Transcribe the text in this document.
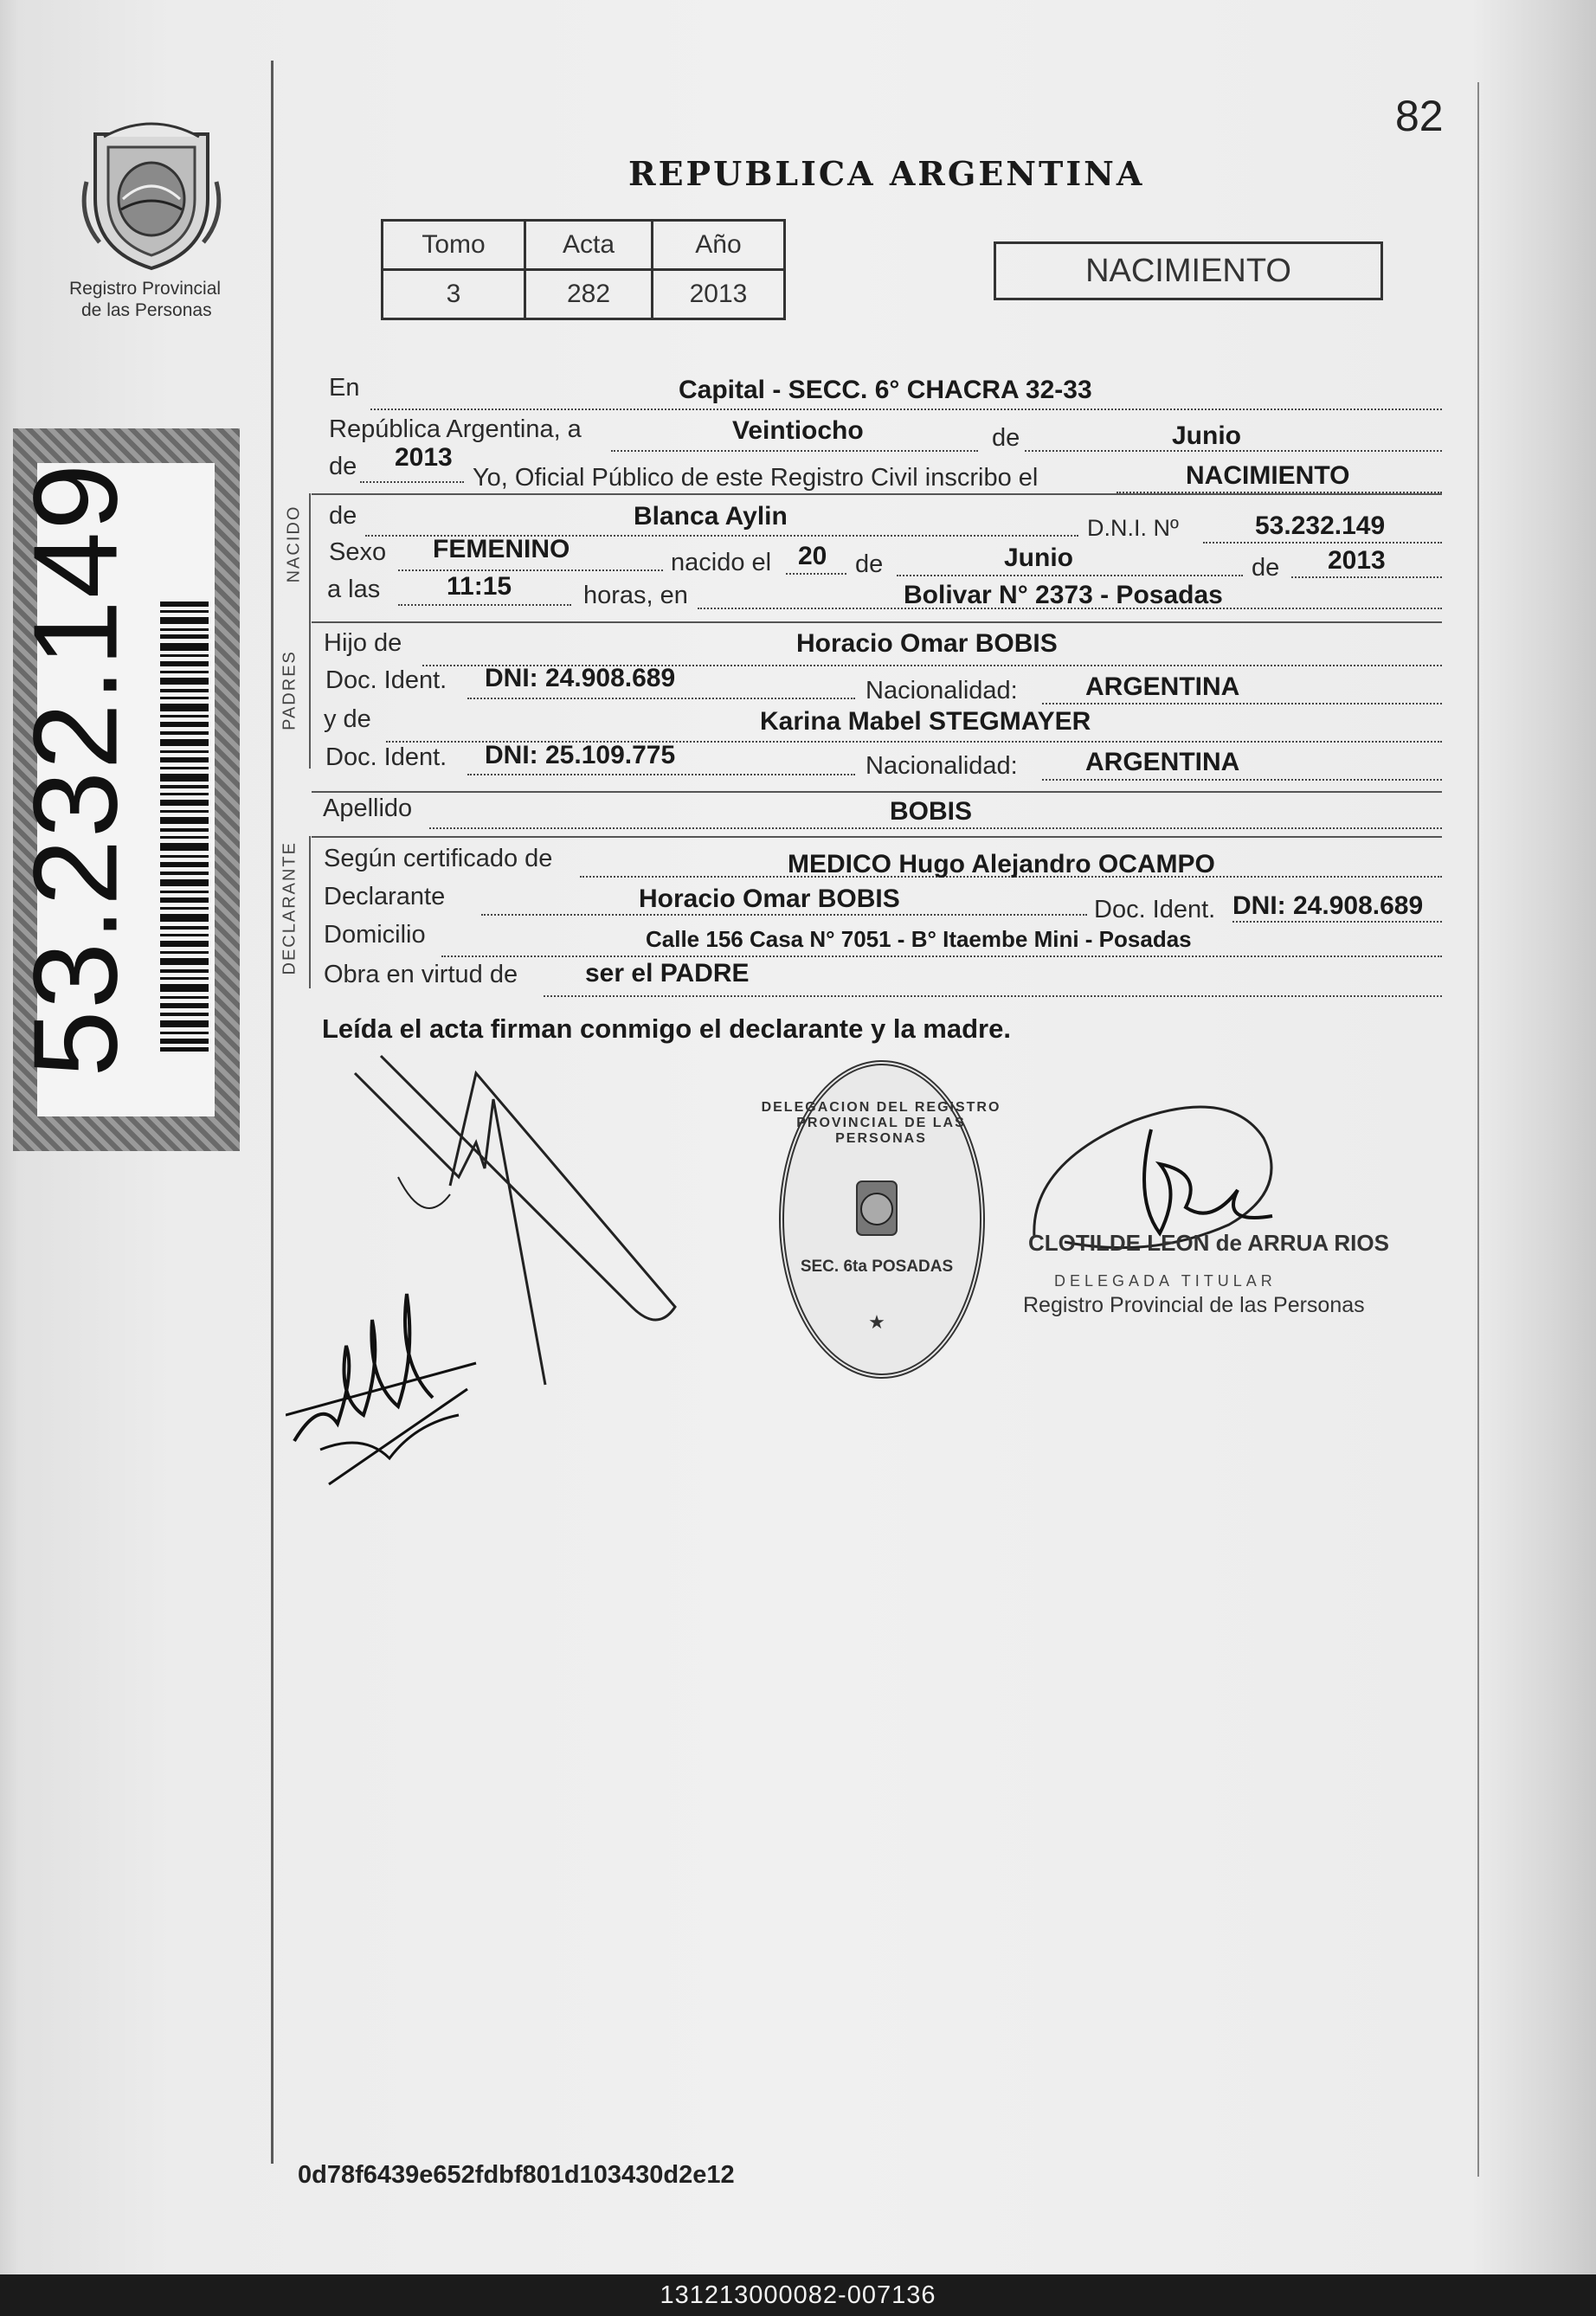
82
Registro Provincial
de las Personas
53.232.149
REPUBLICA ARGENTINA
Tomo	Acta	Año
3	282	2013
NACIMIENTO
En	Capital - SECC. 6° CHACRA 32-33
República Argentina, a	Veintiocho	de	Junio
de 2013
Yo, Oficial Público de este Registro Civil inscribo el	NACIMIENTO
NACIDO de	Blanca Aylin	D.N.I. Nº	53.232.149
Sexo FEMENINO	nacido el 20 de	Junio	de 2013
a las	11:15	horas, en	Bolivar N° 2373 - Posadas
PADRES
Hijo de	Horacio Omar BOBIS
Doc. Ident. DNI: 24.908.689	Nacionalidad:	ARGENTINA
y de	Karina Mabel STEGMAYER
Doc. Ident. DNI: 25.109.775	Nacionalidad:	ARGENTINA
Apellido	BOBIS
DECLARANTE Según certificado de	MEDICO Hugo Alejandro OCAMPO
Declarante	Horacio Omar BOBIS	Doc. Ident. DNI: 24.908.689
Domicilio	Calle 156 Casa N° 7051 - B° Itaembe Mini - Posadas
Obra en virtud de	ser el PADRE
Leída el acta firman conmigo el declarante y la madre.
★
DELEGACION DEL REGISTRO PROVINCIAL DE LAS PERSONAS
SEC. 6ta POSADAS
CLOTILDE LEON de ARRUA RIOS
DELEGADA TITULAR
Registro Provincial de las Personas
0d78f6439e652fdbf801d103430d2e12
131213000082-007136
